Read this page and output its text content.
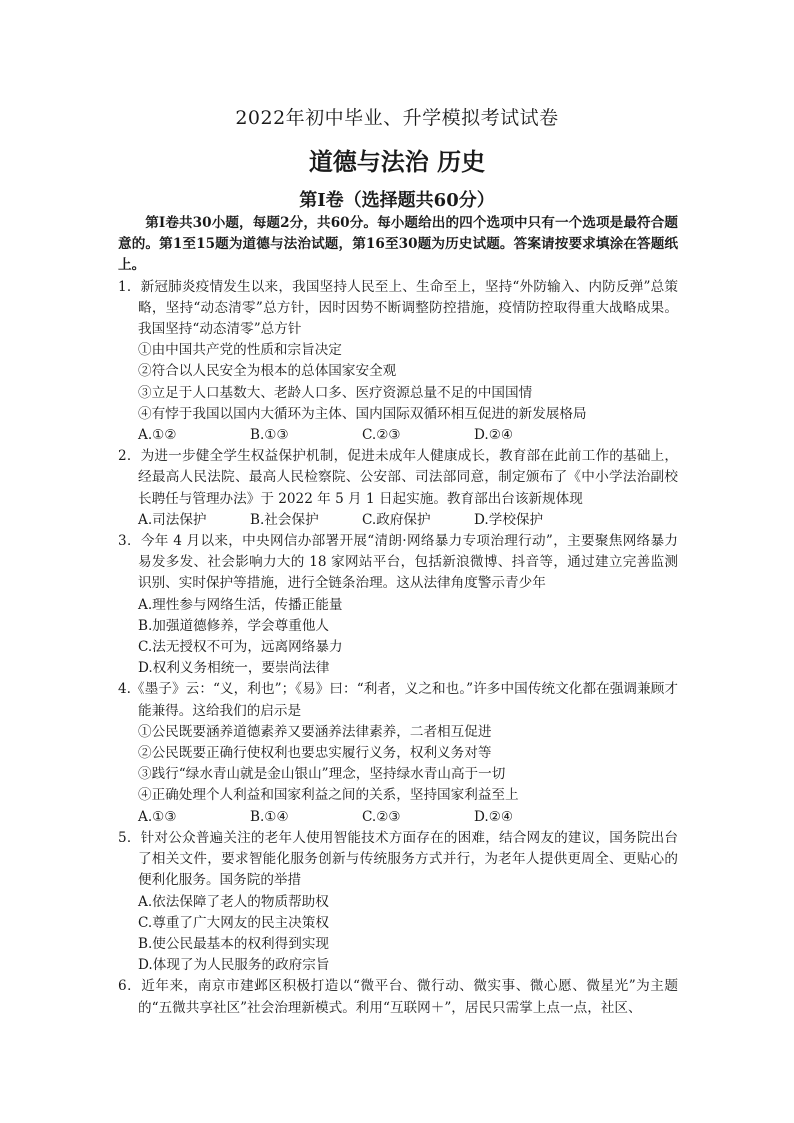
2022年初中毕业、升学模拟考试试卷
道德与法治 历史
第Ⅰ卷（选择题共60分）

第Ⅰ卷共30小题，每题2分，共60分。每小题给出的四个选项中只有一个选项是最符合题意的。第1至15题为道德与法治试题，第16至30题为历史试题。答案请按要求填涂在答题纸上。

1．新冠肺炎疫情发生以来，我国坚持人民至上、生命至上，坚持“外防输入、内防反弹”总策略，坚持“动态清零”总方针，因时因势不断调整防控措施，疫情防控取得重大战略成果。我国坚持“动态清零”总方针

①由中国共产党的性质和宗旨决定

②符合以人民安全为根本的总体国家安全观

③立足于人口基数大、老龄人口多、医疗资源总量不足的中国国情

④有悖于我国以国内大循环为主体、国内国际双循环相互促进的新发展格局

A.①②	B.①③	C.②③	D.②④

2．为进一步健全学生权益保护机制，促进未成年人健康成长，教育部在此前工作的基础上，经最高人民法院、最高人民检察院、公安部、司法部同意，制定颁布了《中小学法治副校长聘任与管理办法》于 2022 年 5 月 1 日起实施。教育部出台该新规体现

A.司法保护	B.社会保护	C.政府保护	D.学校保护

3．今年 4 月以来，中央网信办部署开展“清朗·网络暴力专项治理行动”，主要聚焦网络暴力易发多发、社会影响力大的 18 家网站平台，包括新浪微博、抖音等，通过建立完善监测识别、实时保护等措施，进行全链条治理。这从法律角度警示青少年

A.理性参与网络生活，传播正能量

B.加强道德修养，学会尊重他人

C.法无授权不可为，远离网络暴力

D.权利义务相统一，要崇尚法律

4.《墨子》云：“义，利也”；《易》曰：“利者，义之和也。”许多中国传统文化都在强调兼顾才能兼得。这给我们的启示是

①公民既要涵养道德素养又要涵养法律素养，二者相互促进

②公民既要正确行使权利也要忠实履行义务，权利义务对等

③践行“绿水青山就是金山银山”理念，坚持绿水青山高于一切

④正确处理个人利益和国家利益之间的关系，坚持国家利益至上

A.①③	B.①④	C.②③	D.②④

5．针对公众普遍关注的老年人使用智能技术方面存在的困难，结合网友的建议，国务院出台了相关文件，要求智能化服务创新与传统服务方式并行，为老年人提供更周全、更贴心的便利化服务。国务院的举措

A.依法保障了老人的物质帮助权

C.尊重了广大网友的民主决策权

B.使公民最基本的权利得到实现

D.体现了为人民服务的政府宗旨

6．近年来，南京市建邺区积极打造以“微平台、微行动、微实事、微心愿、微星光”为主题的“五微共享社区”社会治理新模式。利用“互联网＋”，居民只需掌上点一点，社区、
